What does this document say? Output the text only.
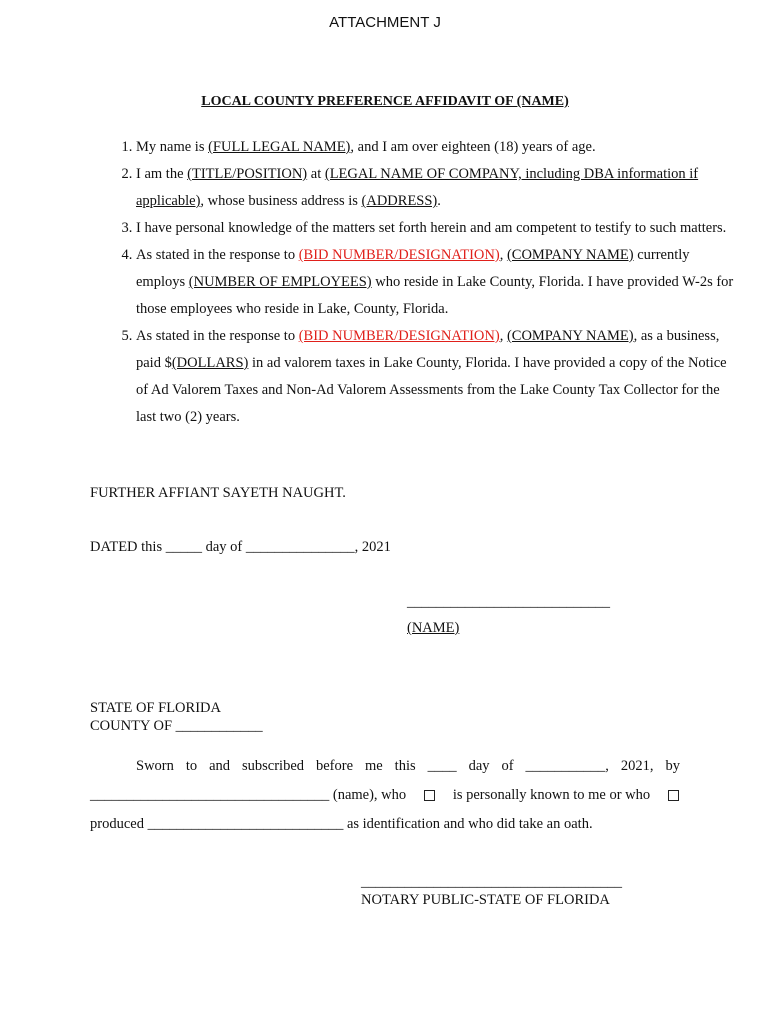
ATTACHMENT J
LOCAL COUNTY PREFERENCE AFFIDAVIT OF (NAME)
1. My name is (FULL LEGAL NAME), and I am over eighteen (18) years of age.
2. I am the (TITLE/POSITION) at (LEGAL NAME OF COMPANY, including DBA information if applicable), whose business address is (ADDRESS).
3. I have personal knowledge of the matters set forth herein and am competent to testify to such matters.
4. As stated in the response to (BID NUMBER/DESIGNATION), (COMPANY NAME) currently employs (NUMBER OF EMPLOYEES) who reside in Lake County, Florida. I have provided W-2s for those employees who reside in Lake, County, Florida.
5. As stated in the response to (BID NUMBER/DESIGNATION), (COMPANY NAME), as a business, paid $(DOLLARS) in ad valorem taxes in Lake County, Florida. I have provided a copy of the Notice of Ad Valorem Taxes and Non-Ad Valorem Assessments from the Lake County Tax Collector for the last two (2) years.
FURTHER AFFIANT SAYETH NAUGHT.
DATED this _____ day of _______________, 2021
____________________________
(NAME)
STATE OF FLORIDA
COUNTY OF ____________
Sworn to and subscribed before me this ____ day of ___________, 2021, by
_________________________________ (name), who	is personally known to me or who
produced ___________________________ as identification and who did take an oath.
____________________________________
NOTARY PUBLIC-STATE OF FLORIDA
